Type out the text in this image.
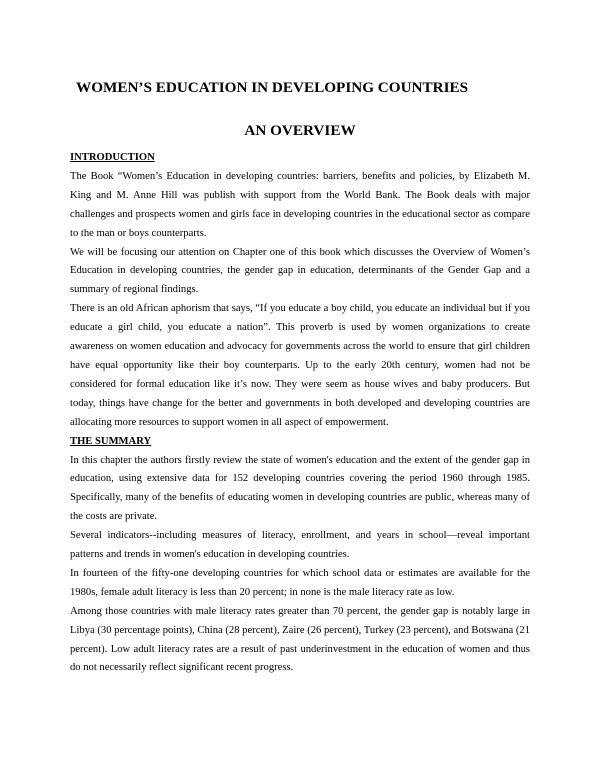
WOMEN’S EDUCATION IN DEVELOPING COUNTRIES
AN OVERVIEW

INTRODUCTION

The Book “Women’s Education in developing countries: barriers, benefits and policies, by Elizabeth M. King and M. Anne Hill was publish with support from the World Bank. The Book deals with major challenges and prospects women and girls face in developing countries in the educational sector as compare to the man or boys counterparts.

We will be focusing our attention on Chapter one of this book which discusses the Overview of Women’s Education in developing countries, the gender gap in education, determinants of the Gender Gap and a summary of regional findings.

There is an old African aphorism that says, “If you educate a boy child, you educate an individual but if you educate a girl child, you educate a nation”. This proverb is used by women organizations to create awareness on women education and advocacy for governments across the world to ensure that girl children have equal opportunity like their boy counterparts. Up to the early 20th century, women had not be considered for formal education like it’s now. They were seem as house wives and baby producers. But today, things have change for the better and governments in both developed and developing countries are allocating more resources to support women in all aspect of empowerment.

THE SUMMARY

In this chapter the authors firstly review the state of women's education and the extent of the gender gap in education, using extensive data for 152 developing countries covering the period 1960 through 1985. Specifically, many of the benefits of educating women in developing countries are public, whereas many of the costs are private.

Several indicators--including measures of literacy, enrollment, and years in school—reveal important patterns and trends in women's education in developing countries.

In fourteen of the fifty-one developing countries for which school data or estimates are available for the 1980s, female adult literacy is less than 20 percent; in none is the male literacy rate as low.

Among those countries with male literacy rates greater than 70 percent, the gender gap is notably large in Libya (30 percentage points), China (28 percent), Zaire (26 percent), Turkey (23 percent), and Botswana (21 percent). Low adult literacy rates are a result of past underinvestment in the education of women and thus do not necessarily reflect significant recent progress.
